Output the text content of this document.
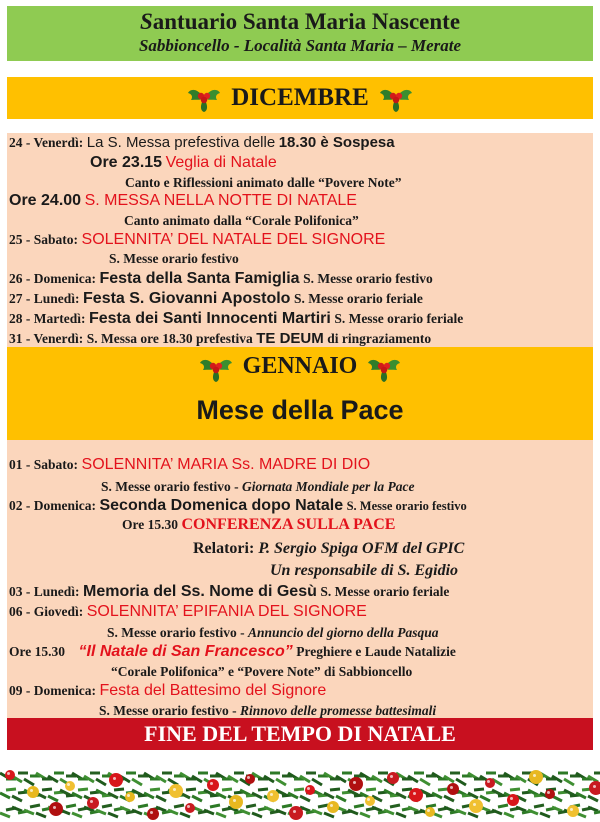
Santuario Santa Maria Nascente
Sabbioncello - Località Santa Maria – Merate
DICEMBRE
24 - Venerdì: La S. Messa prefestiva delle 18.30 è Sospesa
Ore 23.15 Veglia di Natale
Canto e Riflessioni animato dalle “Povere Note”
Ore 24.00 S. MESSA NELLA NOTTE DI NATALE
Canto animato dalla “Corale Polifonica”
25 - Sabato: SOLENNITA’ DEL NATALE DEL SIGNORE
S. Messe orario festivo
26 - Domenica: Festa della Santa Famiglia S. Messe orario festivo
27 - Lunedì: Festa S. Giovanni Apostolo S. Messe orario feriale
28 - Martedì: Festa dei Santi Innocenti Martiri S. Messe orario feriale
31 - Venerdì: S. Messa ore 18.30 prefestiva TE DEUM di ringraziamento
GENNAIO
Mese della Pace
01 - Sabato: SOLENNITA’ MARIA Ss. MADRE DI DIO
S. Messe orario festivo - Giornata Mondiale per la Pace
02 - Domenica: Seconda Domenica dopo Natale S. Messe orario festivo
Ore 15.30 CONFERENZA SULLA PACE
Relatori: P. Sergio Spiga OFM del GPIC
Un responsabile di S. Egidio
03 - Lunedì: Memoria del Ss. Nome di Gesù S. Messe orario feriale
06 - Giovedì: SOLENNITA’ EPIFANIA DEL SIGNORE
S. Messe orario festivo - Annuncio del giorno della Pasqua
Ore 15.30 “Il Natale di San Francesco” Preghiere e Laude Natalizie
“Corale Polifonica” e “Povere Note” di Sabbioncello
09 - Domenica: Festa del Battesimo del Signore
S. Messe orario festivo - Rinnovo delle promesse battesimali
FINE DEL TEMPO DI NATALE
